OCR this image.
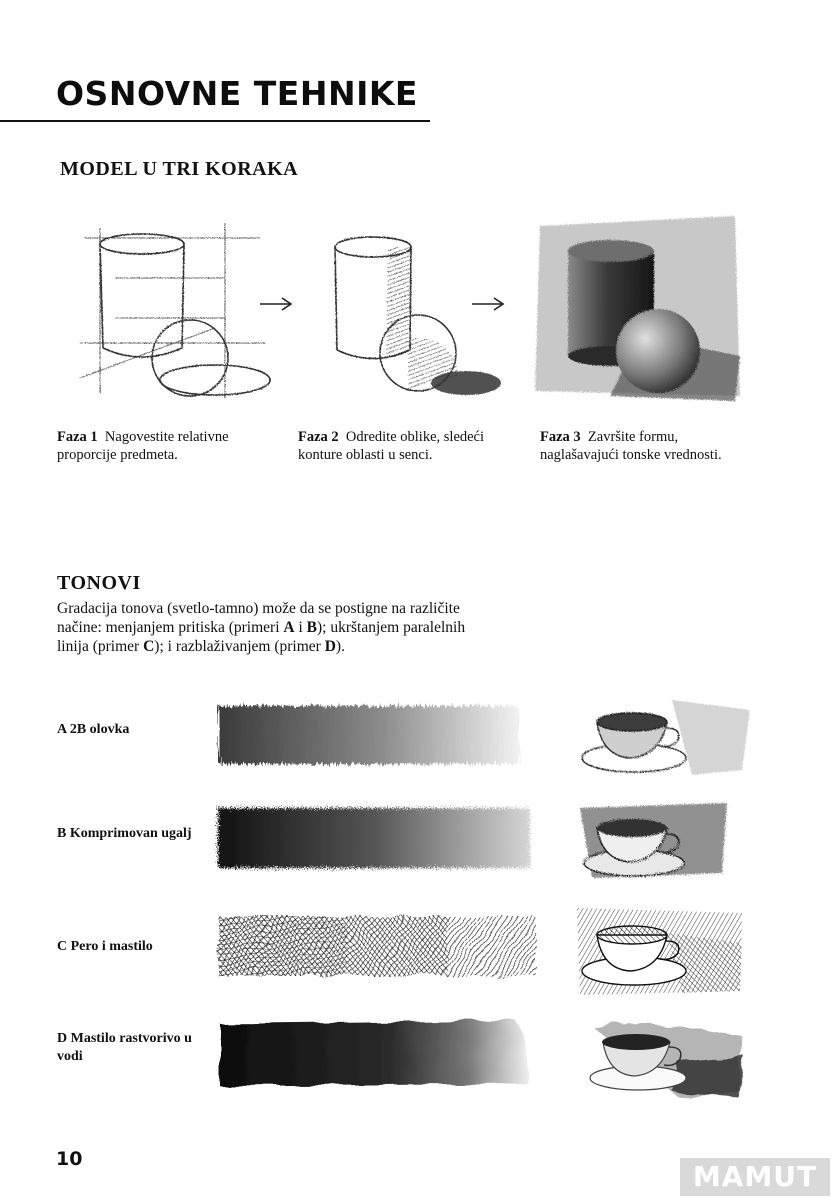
OSNOVNE TEHNIKE
MODEL U TRI KORAKA
Faza 1 Nagovestite relativne proporcije predmeta.
Faza 2 Odredite oblike, sledeći konture oblasti u senci.
Faza 3 Završite formu, naglašavajući tonske vrednosti.
TONOVI

Gradacija tonova (svetlo-tamno) može da se postigne na različite načine: menjanjem pritiska (primeri A i B); ukrštanjem paralelnih linija (primer C); i razblaživanjem (primer D).

A 2B olovka
B Komprimovan ugalj
C Pero i mastilo
D Mastilo rastvorivo u vodi
10
MAMUT
